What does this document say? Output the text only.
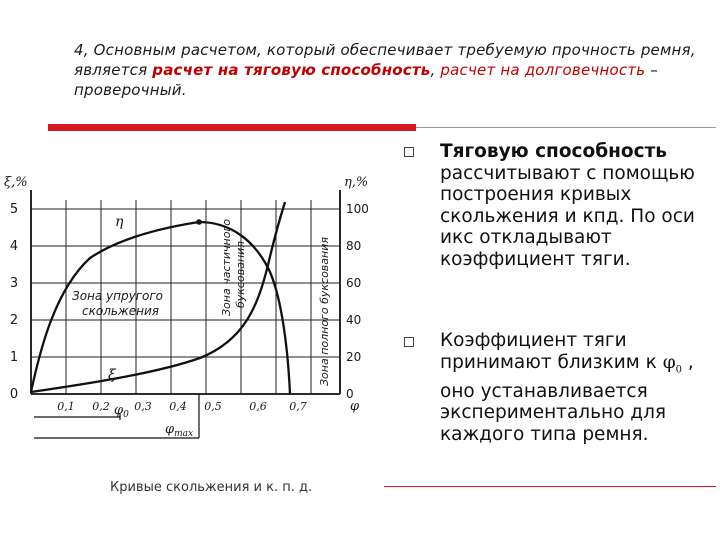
4, Основным расчетом, который обеспечивает требуемую прочность ремня, является расчет на тяговую способность, расчет на долговечность – проверочный.
ξ,%
0
1
2
3
4
5
η,%
0
20
40
60
80
100
0,1 0,2 0,3 0,4 0,5	0,6 0,7	φ
$\varphi_0$
$\varphi_{max}$
η
ξ
Зона упругого
скольжения	Зона частичного буксования	Зона полного буксования
Кривые скольжения и к. п. д.
Тяговую способность рассчитывают с помощью построения кривых скольжения и кпд. По оси икс откладывают коэффициент тяги.
Коэффициент тяги принимают близким к $\varphi_0$ , оно устанавливается экспериментально для каждого типа ремня.
